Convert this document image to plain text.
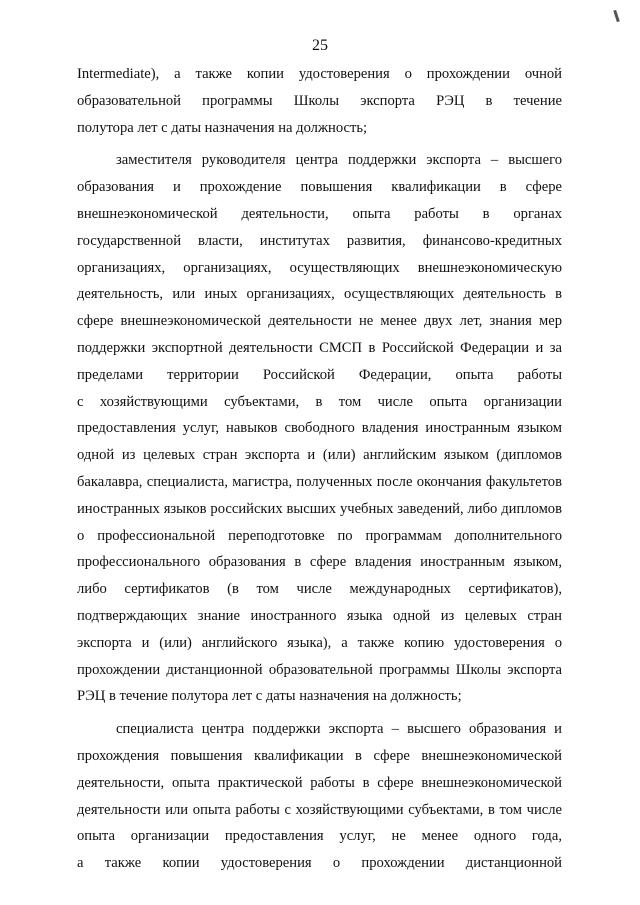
25
Intermediate), а также копии удостоверения о прохождении очной
образовательной программы Школы экспорта РЭЦ в течение
полутора лет с даты назначения на должность;
заместителя руководителя центра поддержки экспорта – высшего
образования и прохождение повышения квалификации в сфере
внешнеэкономической деятельности, опыта работы в органах
государственной власти, институтах развития, финансово-кредитных
организациях, организациях, осуществляющих внешнеэкономическую
деятельность, или иных организациях, осуществляющих деятельность в
сфере внешнеэкономической деятельности не менее двух лет, знания мер
поддержки экспортной деятельности СМСП в Российской Федерации и за
пределами территории Российской Федерации, опыта работы
с хозяйствующими субъектами, в том числе опыта организации
предоставления услуг, навыков свободного владения иностранным языком
одной из целевых стран экспорта и (или) английским языком (дипломов
бакалавра, специалиста, магистра, полученных после окончания факультетов
иностранных языков российских высших учебных заведений, либо дипломов
о профессиональной переподготовке по программам дополнительного
профессионального образования в сфере владения иностранным языком,
либо сертификатов (в том числе международных сертификатов),
подтверждающих знание иностранного языка одной из целевых стран
экспорта и (или) английского языка), а также копию удостоверения о
прохождении дистанционной образовательной программы Школы экспорта
РЭЦ в течение полутора лет с даты назначения на должность;
специалиста центра поддержки экспорта – высшего образования и
прохождения повышения квалификации в сфере внешнеэкономической
деятельности, опыта практической работы в сфере внешнеэкономической
деятельности или опыта работы с хозяйствующими субъектами, в том числе
опыта организации предоставления услуг, не менее одного года,
а также копии удостоверения о прохождении дистанционной
